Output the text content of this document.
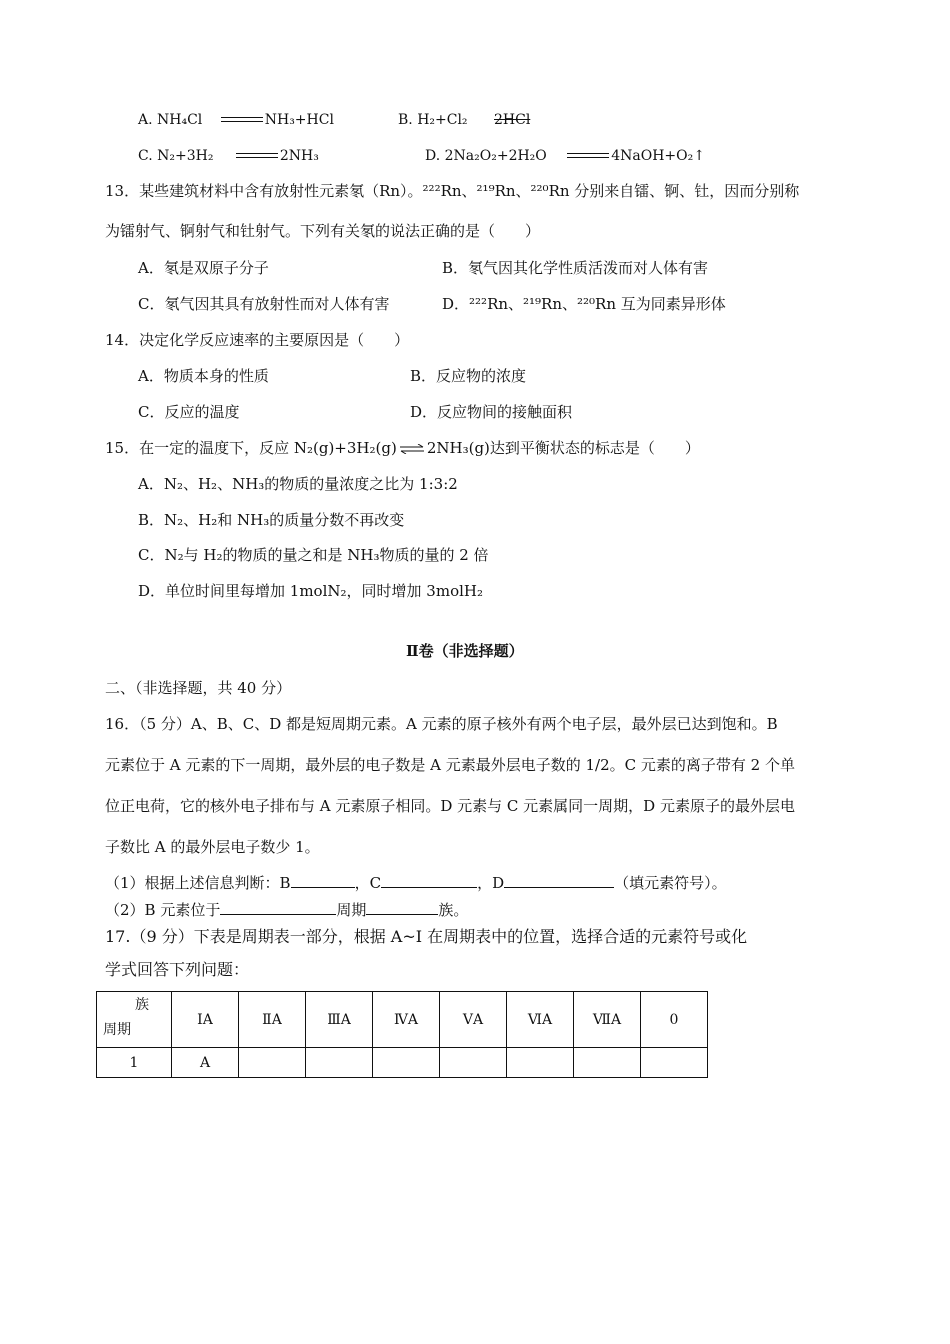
A. NH₄Cl	NH₃+HCl	B. H₂+Cl₂ 2HCl
C. N₂+3H₂	2NH₃	D. 2Na₂O₂+2H₂O	4NaOH+O₂↑
13．某些建筑材料中含有放射性元素氡（Rn）。²²²Rn、²¹⁹Rn、²²⁰Rn 分别来自镭、锕、钍，因而分别称
为镭射气、锕射气和钍射气。下列有关氡的说法正确的是（　　）
A．氡是双原子分子	B．氡气因其化学性质活泼而对人体有害
C．氡气因其具有放射性而对人体有害	D．²²²Rn、²¹⁹Rn、²²⁰Rn 互为同素异形体
14．决定化学反应速率的主要原因是（　　）
A．物质本身的性质	B．反应物的浓度
C．反应的温度	D．反应物间的接触面积
15．在一定的温度下，反应 N₂(g)+3H₂(g) ⇌ 2NH₃(g)达到平衡状态的标志是（　　）
A．N₂、H₂、NH₃的物质的量浓度之比为 1:3:2
B．N₂、H₂和 NH₃的质量分数不再改变
C．N₂与 H₂的物质的量之和是 NH₃物质的量的 2 倍
D．单位时间里每增加 1molN₂，同时增加 3molH₂
Ⅱ卷（非选择题）
二、（非选择题，共 40 分）
16．（5 分）A、B、C、D 都是短周期元素。A 元素的原子核外有两个电子层，最外层已达到饱和。B
元素位于 A 元素的下一周期，最外层的电子数是 A 元素最外层电子数的 1/2。C 元素的离子带有 2 个单
位正电荷，它的核外电子排布与 A 元素原子相同。D 元素与 C 元素属同一周期，D 元素原子的最外层电
子数比 A 的最外层电子数少 1。
（1）根据上述信息判断：B	，C	，D	（填元素符号）。
（2）B 元素位于	周期	族。
17.（9 分）下表是周期表一部分，根据 A~I 在周期表中的位置，选择合适的元素符号或化
学式回答下列问题：
族
周期	ⅠA	ⅡA	ⅢA	ⅣA	ⅤA	ⅥA	ⅦA	0
1	A							
